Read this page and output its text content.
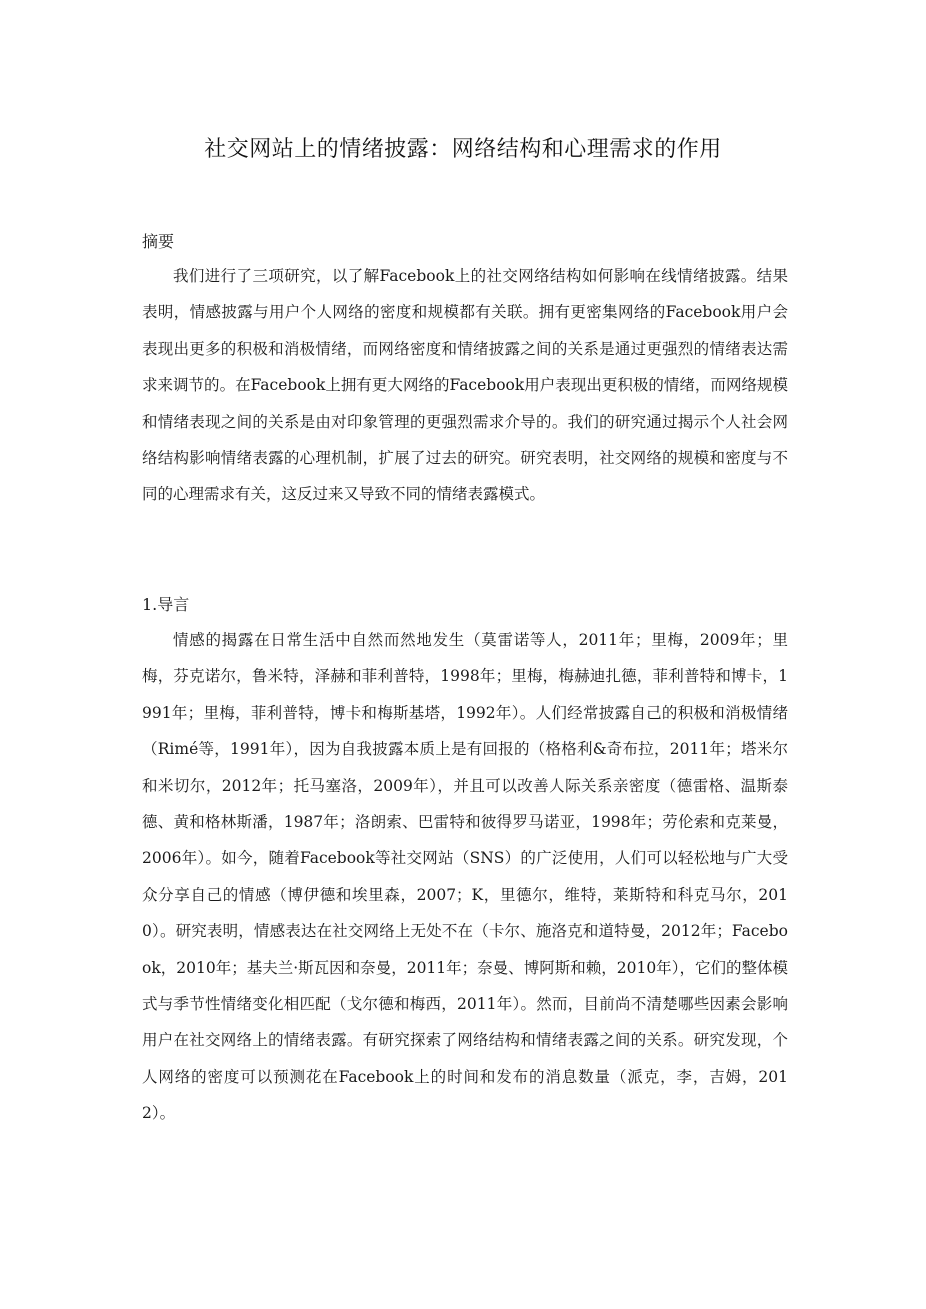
社交网站上的情绪披露：网络结构和心理需求的作用
摘要
我们进行了三项研究，以了解Facebook上的社交网络结构如何影响在线情绪披露。结果表明，情感披露与用户个人网络的密度和规模都有关联。拥有更密集网络的Facebook用户会表现出更多的积极和消极情绪，而网络密度和情绪披露之间的关系是通过更强烈的情绪表达需求来调节的。在Facebook上拥有更大网络的Facebook用户表现出更积极的情绪，而网络规模和情绪表现之间的关系是由对印象管理的更强烈需求介导的。我们的研究通过揭示个人社会网络结构影响情绪表露的心理机制，扩展了过去的研究。研究表明，社交网络的规模和密度与不同的心理需求有关，这反过来又导致不同的情绪表露模式。
1.导言
情感的揭露在日常生活中自然而然地发生（莫雷诺等人，2011年；里梅，2009年；里梅，芬克诺尔，鲁米特，泽赫和菲利普特，1998年；里梅，梅赫迪扎德，菲利普特和博卡，1991年；里梅，菲利普特，博卡和梅斯基塔，1992年）。人们经常披露自己的积极和消极情绪（Rimé等，1991年），因为自我披露本质上是有回报的（格格利&奇布拉，2011年；塔米尔和米切尔，2012年；托马塞洛，2009年），并且可以改善人际关系亲密度（德雷格、温斯泰德、黄和格林斯潘，1987年；洛朗索、巴雷特和彼得罗马诺亚，1998年；劳伦索和克莱曼，2006年）。如今，随着Facebook等社交网站（SNS）的广泛使用，人们可以轻松地与广大受众分享自己的情感（博伊德和埃里森，2007；K，里德尔，维特，莱斯特和科克马尔，2010）。研究表明，情感表达在社交网络上无处不在（卡尔、施洛克和道特曼，2012年；Facebook，2010年；基夫兰·斯瓦因和奈曼，2011年；奈曼、博阿斯和赖，2010年），它们的整体模式与季节性情绪变化相匹配（戈尔德和梅西，2011年）。然而，目前尚不清楚哪些因素会影响用户在社交网络上的情绪表露。有研究探索了网络结构和情绪表露之间的关系。研究发现，个人网络的密度可以预测花在Facebook上的时间和发布的消息数量（派克，李，吉姆，2012）。
